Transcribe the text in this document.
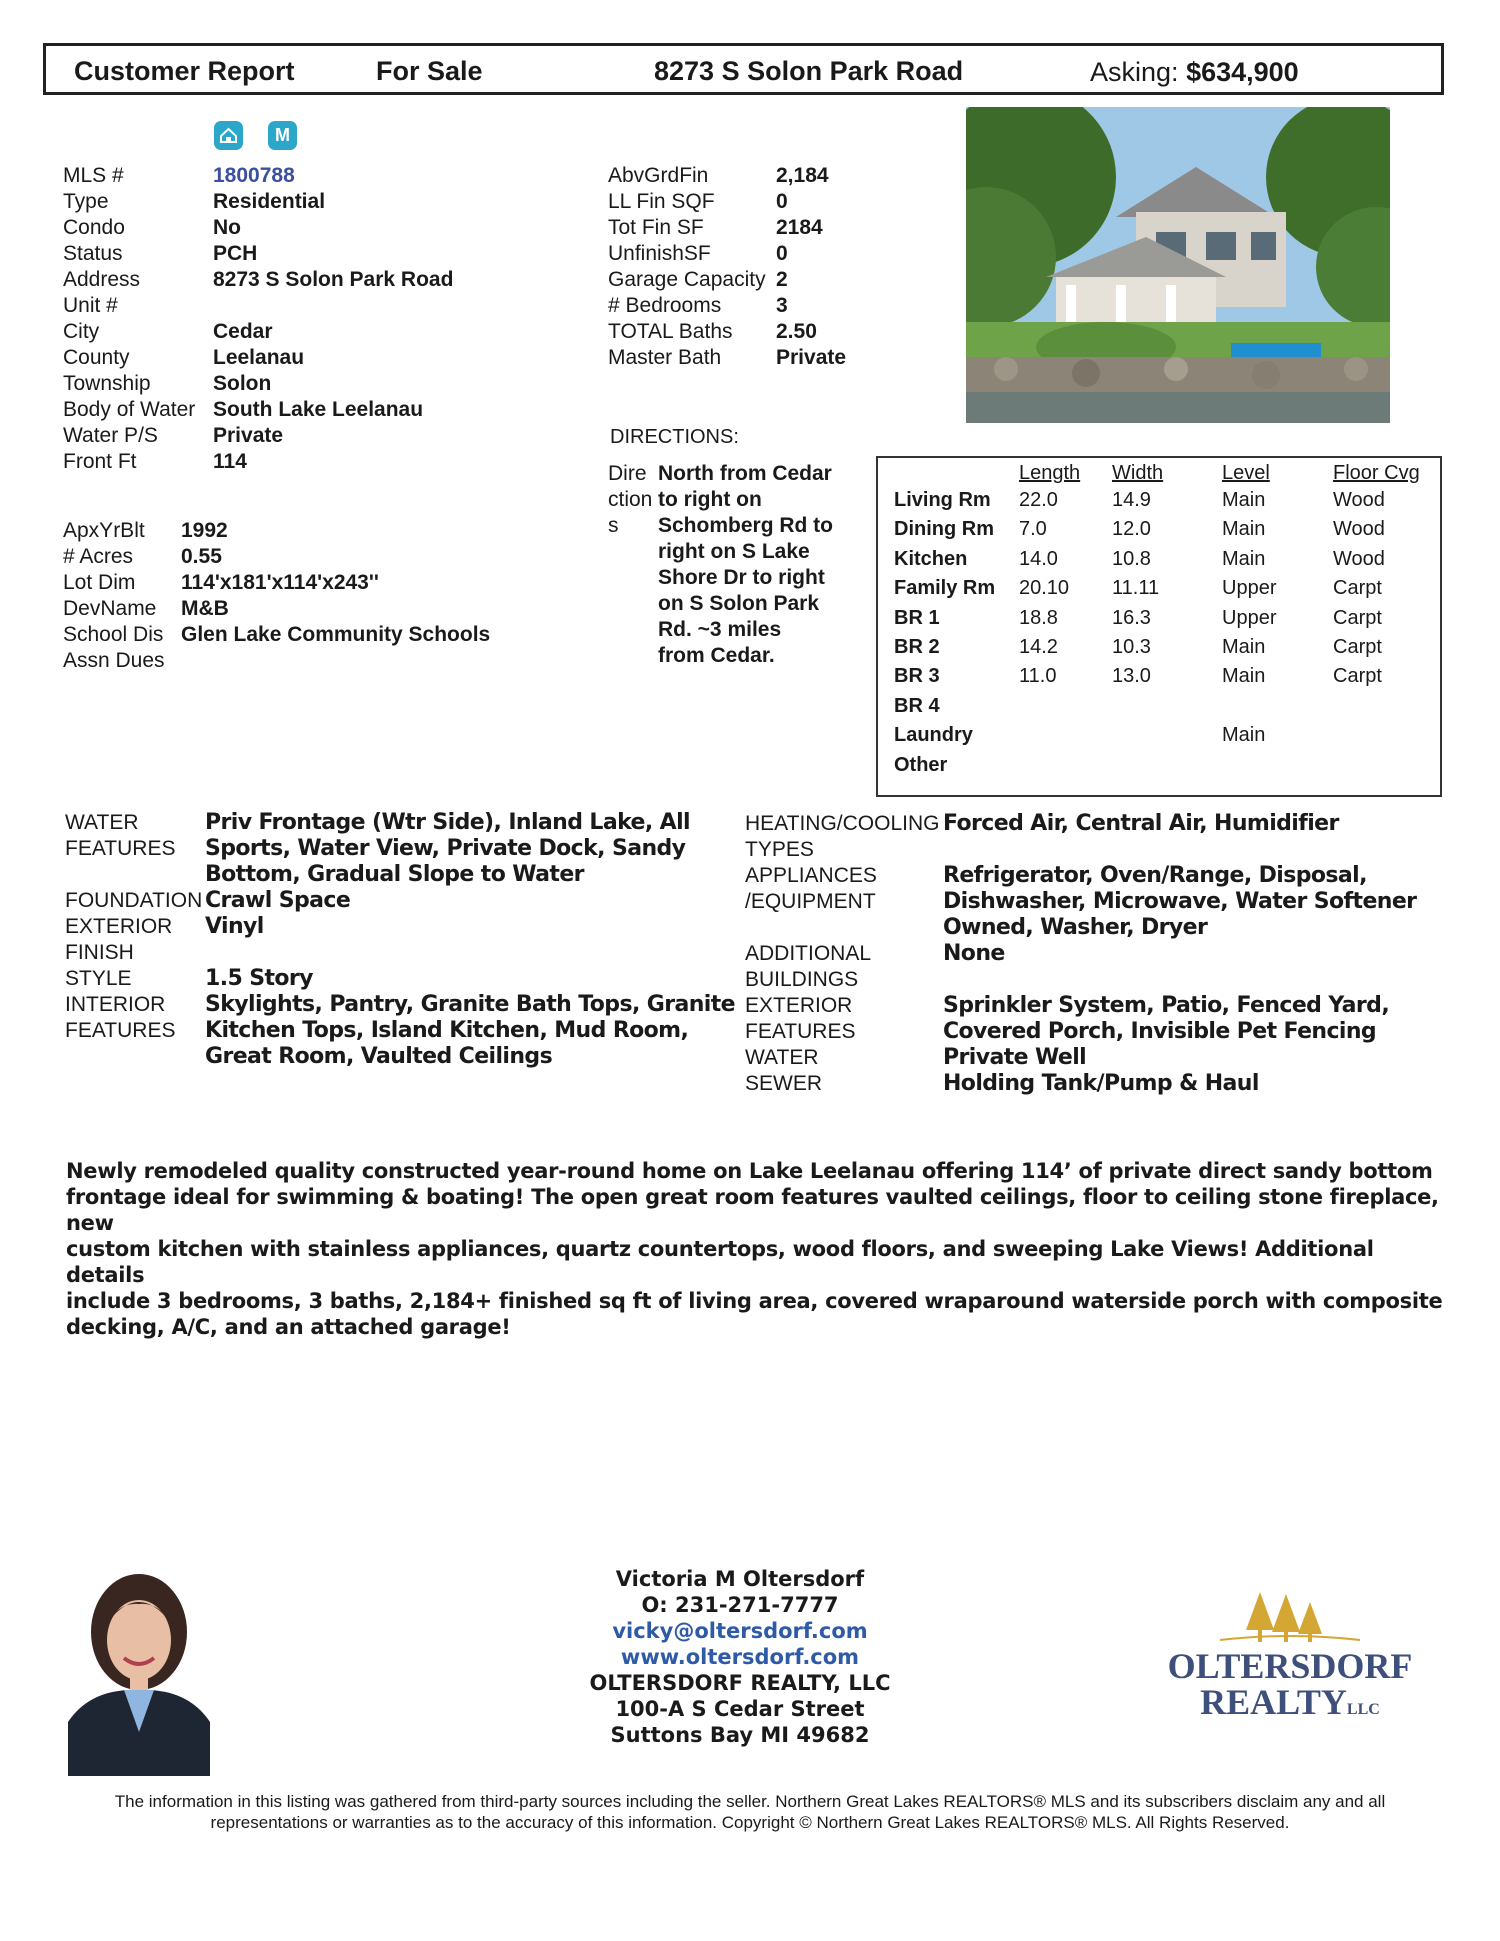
Customer Report	For Sale	8273 S Solon Park Road	Asking: $634,900
M
MLS #	1800788
Type	Residential
Condo	No
Status	PCH
Address	8273 S Solon Park Road
Unit #
City	Cedar
County	Leelanau
Township	Solon
Body of Water South Lake Leelanau
Water P/S	Private
Front Ft	114
ApxYrBlt 1992
# Acres 0.55
Lot Dim 114'x181'x114'x243''
DevName M&B
School Dis Glen Lake Community Schools
Assn Dues
AbvGrdFin	2,184
LL Fin SQF	0
Tot Fin SF	2184
UnfinishSF	0
Garage Capacity 2
# Bedrooms	3
TOTAL Baths 2.50
Master Bath	Private
DIRECTIONS:
Dire
ction
s
North from Cedar
to right on
Schomberg Rd to
right on S Lake
Shore Dr to right
on S Solon Park
Rd. ~3 miles
from Cedar.
Length Width	Level	Floor Cvg
Living Rm 22.0	14.9	Main	Wood
Dining Rm 7.0	12.0	Main	Wood
Kitchen	14.0	10.8	Main	Wood
Family Rm 20.10 11.11	Upper	Carpt
BR 1	18.8	16.3	Upper	Carpt
BR 2	14.2	10.3	Main	Carpt
BR 3	11.0	13.0	Main	Carpt
BR 4
Laundry	Main
Other
WATER
FEATURES
Priv Frontage (Wtr Side), Inland Lake, All
Sports, Water View, Private Dock, Sandy
Bottom, Gradual Slope to Water
FOUNDATION Crawl Space
EXTERIOR
FINISH
Vinyl
STYLE	1.5 Story
INTERIOR
FEATURES
Skylights, Pantry, Granite Bath Tops, Granite
Kitchen Tops, Island Kitchen, Mud Room,
Great Room, Vaulted Ceilings
HEATING/COOLING
TYPES
Forced Air, Central Air, Humidifier
APPLIANCES
/EQUIPMENT
Refrigerator, Oven/Range, Disposal,
Dishwasher, Microwave, Water Softener
Owned, Washer, Dryer
ADDITIONAL
BUILDINGS
None
EXTERIOR
FEATURES
Sprinkler System, Patio, Fenced Yard,
Covered Porch, Invisible Pet Fencing
WATER	Private Well
SEWER	Holding Tank/Pump & Haul
Newly remodeled quality constructed year-round home on Lake Leelanau offering 114’ of private direct sandy bottom
frontage ideal for swimming & boating! The open great room features vaulted ceilings, floor to ceiling stone fireplace, new
custom kitchen with stainless appliances, quartz countertops, wood floors, and sweeping Lake Views! Additional details
include 3 bedrooms, 3 baths, 2,184+ finished sq ft of living area, covered wraparound waterside porch with composite
decking, A/C, and an attached garage!
Victoria M Oltersdorf
O: 231-271-7777
vicky@oltersdorf.com
www.oltersdorf.com
OLTERSDORF REALTY, LLC
100-A S Cedar Street
Suttons Bay MI 49682
OLTERSDORF
REALTYLLC
The information in this listing was gathered from third-party sources including the seller. Northern Great Lakes REALTORS® MLS and its subscribers disclaim any and all
representations or warranties as to the accuracy of this information. Copyright © Northern Great Lakes REALTORS® MLS. All Rights Reserved.
